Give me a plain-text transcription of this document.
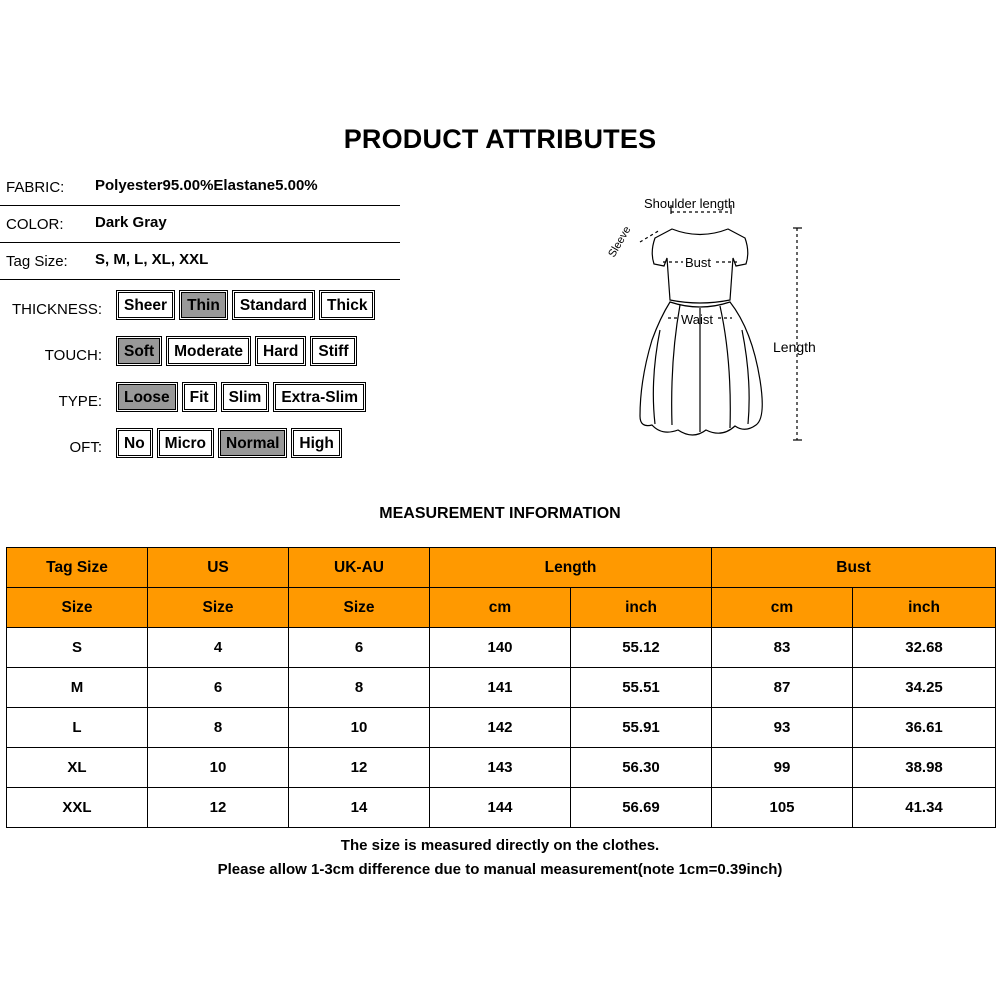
PRODUCT ATTRIBUTES
FABRIC: Polyester95.00%Elastane5.00%
COLOR: Dark Gray
Tag Size: S, M, L, XL, XXL
THICKNESS:	Sheer	Thin	Standard	Thick
TOUCH:	Soft	Moderate	Hard	Stiff
TYPE:	Loose	Fit	Slim	Extra-Slim
OFT:	No	Micro	Normal	High
Shoulder length
Sleeve
Bust
Waist
Length
MEASUREMENT INFORMATION
Tag Size	US	UK-AU	Length		Bust	
Size	Size	Size	cm	inch	cm	inch
S	4	6	140	55.12	83	32.68
M	6	8	141	55.51	87	34.25
L	8	10	142	55.91	93	36.61
XL	10	12	143	56.30	99	38.98
XXL	12	14	144	56.69	105	41.34
The size is measured directly on the clothes.
Please allow 1-3cm difference due to manual measurement(note 1cm=0.39inch)
